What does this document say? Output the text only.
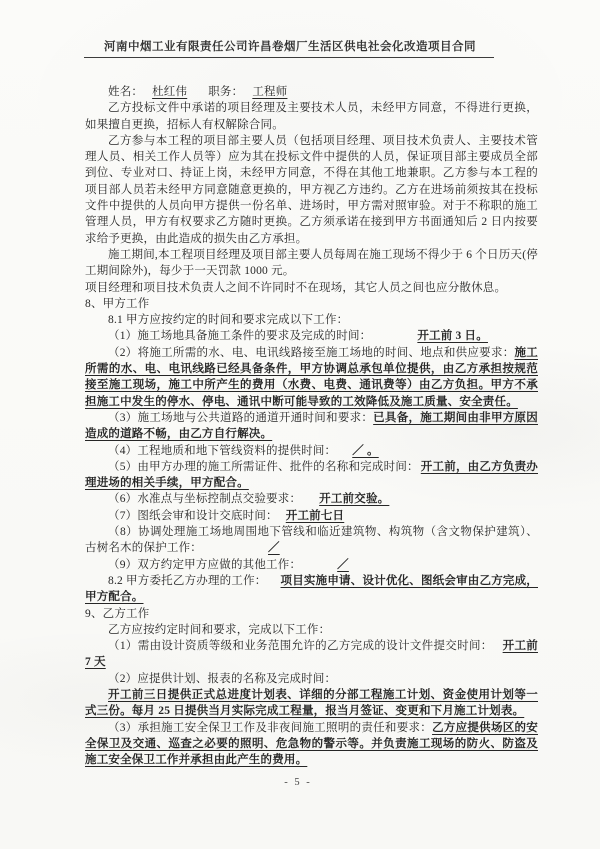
河南中烟工业有限责任公司许昌卷烟厂生活区供电社会化改造项目合同

姓名： 杜红伟 职务： 工程师

乙方投标文件中承诺的项目经理及主要技术人员，未经甲方同意，不得进行更换，如果擅自更换，招标人有权解除合同。

乙方参与本工程的项目部主要人员（包括项目经理、项目技术负责人、主要技术管理人员、相关工作人员等）应为其在投标文件中提供的人员，保证项目部主要成员全部到位、专业对口、持证上岗，未经甲方同意，不得在其他工地兼职。乙方参与本工程的项目部人员若未经甲方同意随意更换的，甲方视乙方违约。乙方在进场前须按其在投标文件中提供的人员向甲方提供一份名单、进场时，甲方需对照审验。对于不称职的施工管理人员，甲方有权要求乙方随时更换。乙方须承诺在接到甲方书面通知后 2 日内按要求给予更换，由此造成的损失由乙方承担。

施工期间,本工程项目经理及项目部主要人员每周在施工现场不得少于 6 个日历天(停工期间除外)，每少于一天罚款 1000 元。

项目经理和项目技术负责人之间不许同时不在现场，其它人员之间也应分散休息。

8、甲方工作

8.1 甲方应按约定的时间和要求完成以下工作：

（1）施工场地具备施工条件的要求及完成的时间：	开工前 3 日。

（2）将施工所需的水、电、电讯线路接至施工场地的时间、地点和供应要求：施工所需的水、电、电讯线路已经具备条件，甲方协调总承包单位提供，由乙方承担按规范接至施工现场，施工中所产生的费用（水费、电费、通讯费等）由乙方负担。甲方不承担施工中发生的停水、停电、通讯中断可能导致的工效降低及施工质量、安全责任。

（3）施工场地与公共道路的通道开通时间和要求：已具备，施工期间由非甲方原因造成的道路不畅，由乙方自行解决。

（4）工程地质和地下管线资料的提供时间： ／ 。

（5）由甲方办理的施工所需证件、批件的名称和完成时间： 开工前，由乙方负责办理进场的相关手续，甲方配合。

（6）水准点与坐标控制点交验要求： 开工前交验。

（7）图纸会审和设计交底时间： 开工前七日

（8）协调处理施工场地周围地下管线和临近建筑物、构筑物（含文物保护建筑）、古树名木的保护工作：	／

（9）双方约定甲方应做的其他工作：	／

8.2 甲方委托乙方办理的工作： 项目实施申请、设计优化、图纸会审由乙方完成，甲方配合。

9、乙方工作

乙方应按约定时间和要求，完成以下工作：

（1）需由设计资质等级和业务范围允许的乙方完成的设计文件提交时间： 开工前 7 天

（2）应提供计划、报表的名称及完成时间：

开工前三日提供正式总进度计划表、详细的分部工程施工计划、资金使用计划等一式三份。每月 25 日提供当月实际完成工程量，报当月签证、变更和下月施工计划表。

（3）承担施工安全保卫工作及非夜间施工照明的责任和要求：乙方应提供场区的安全保卫及交通、巡查之必要的照明、危急物的警示等。并负责施工现场的防火、防盗及施工安全保卫工作并承担由此产生的费用。

- 5 -
